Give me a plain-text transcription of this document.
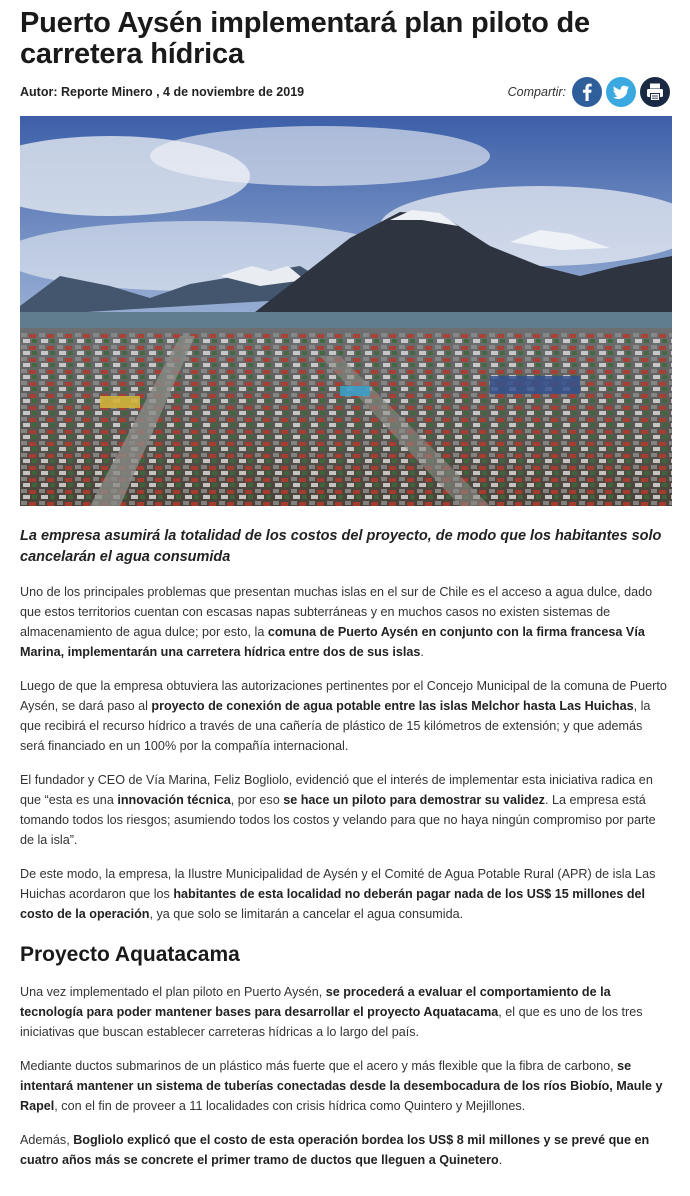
Puerto Aysén implementará plan piloto de carretera hídrica
Autor: Reporte Minero , 4 de noviembre de 2019	Compartir:
La empresa asumirá la totalidad de los costos del proyecto, de modo que los habitantes solo cancelarán el agua consumida

Uno de los principales problemas que presentan muchas islas en el sur de Chile es el acceso a agua dulce, dado que estos territorios cuentan con escasas napas subterráneas y en muchos casos no existen sistemas de almacenamiento de agua dulce; por esto, la comuna de Puerto Aysén en conjunto con la firma francesa Vía Marina, implementarán una carretera hídrica entre dos de sus islas.

Luego de que la empresa obtuviera las autorizaciones pertinentes por el Concejo Municipal de la comuna de Puerto Aysén, se dará paso al proyecto de conexión de agua potable entre las islas Melchor hasta Las Huichas, la que recibirá el recurso hídrico a través de una cañería de plástico de 15 kilómetros de extensión; y que además será financiado en un 100% por la compañía internacional.

El fundador y CEO de Vía Marina, Feliz Bogliolo, evidenció que el interés de implementar esta iniciativa radica en que “esta es una innovación técnica, por eso se hace un piloto para demostrar su validez. La empresa está tomando todos los riesgos; asumiendo todos los costos y velando para que no haya ningún compromiso por parte de la isla”.

De este modo, la empresa, la Ilustre Municipalidad de Aysén y el Comité de Agua Potable Rural (APR) de isla Las Huichas acordaron que los habitantes de esta localidad no deberán pagar nada de los US$ 15 millones del costo de la operación, ya que solo se limitarán a cancelar el agua consumida.

Proyecto Aquatacama

Una vez implementado el plan piloto en Puerto Aysén, se procederá a evaluar el comportamiento de la tecnología para poder mantener bases para desarrollar el proyecto Aquatacama, el que es uno de los tres iniciativas que buscan establecer carreteras hídricas a lo largo del país.

Mediante ductos submarinos de un plástico más fuerte que el acero y más flexible que la fibra de carbono, se intentará mantener un sistema de tuberías conectadas desde la desembocadura de los ríos Biobío, Maule y Rapel, con el fin de proveer a 11 localidades con crisis hídrica como Quintero y Mejillones.

Además, Bogliolo explicó que el costo de esta operación bordea los US$ 8 mil millones y se prevé que en cuatro años más se concrete el primer tramo de ductos que lleguen a Quinetero.
